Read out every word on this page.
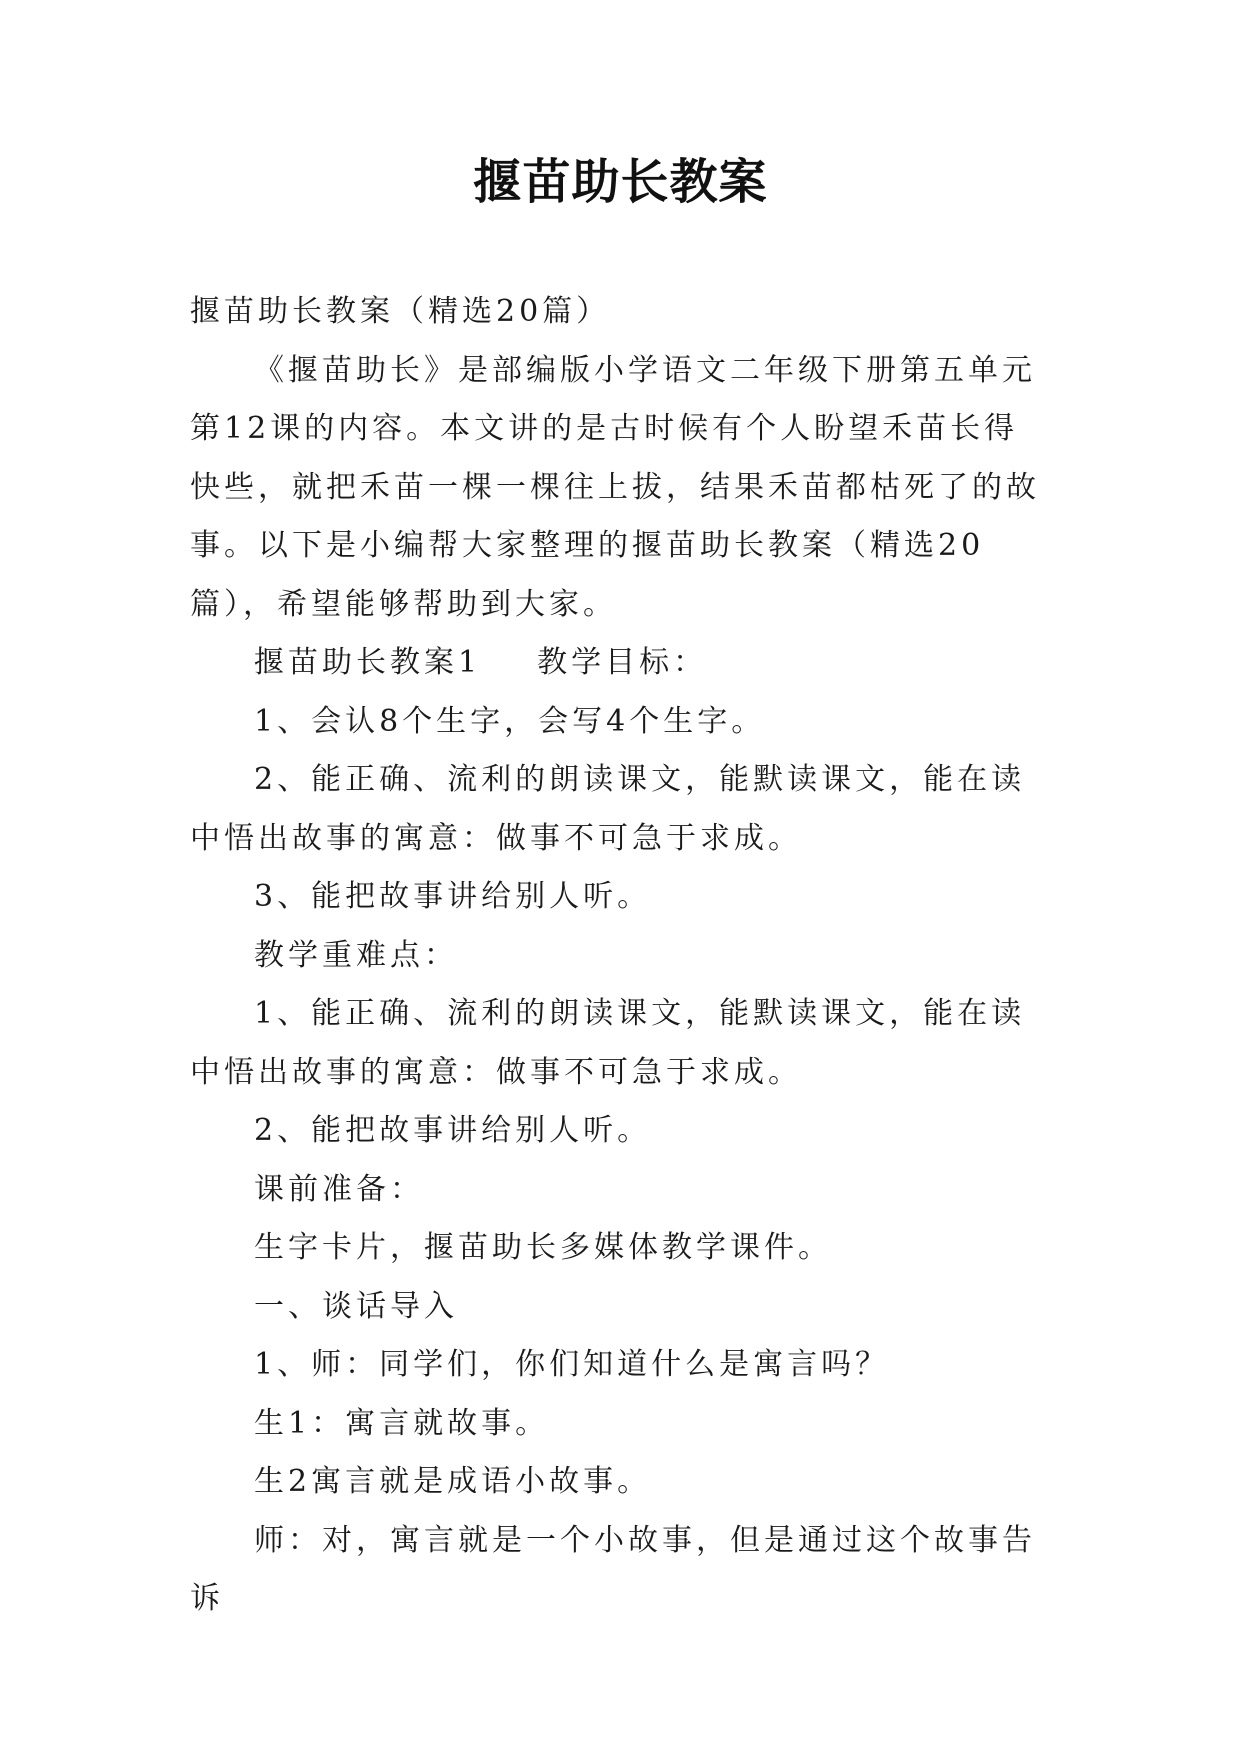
揠苗助长教案

揠苗助长教案（精选20篇）

《揠苗助长》是部编版小学语文二年级下册第五单元第12课的内容。本文讲的是古时候有个人盼望禾苗长得快些，就把禾苗一棵一棵往上拔，结果禾苗都枯死了的故事。以下是小编帮大家整理的揠苗助长教案（精选20篇），希望能够帮助到大家。

揠苗助长教案1 教学目标：

1、会认8个生字，会写4个生字。

2、能正确、流利的朗读课文，能默读课文，能在读中悟出故事的寓意：做事不可急于求成。

3、能把故事讲给别人听。

教学重难点：

1、能正确、流利的朗读课文，能默读课文，能在读中悟出故事的寓意：做事不可急于求成。

2、能把故事讲给别人听。

课前准备：

生字卡片，揠苗助长多媒体教学课件。

一、谈话导入

1、师：同学们，你们知道什么是寓言吗？

生1：寓言就故事。

生2寓言就是成语小故事。

师：对，寓言就是一个小故事，但是通过这个故事告诉
